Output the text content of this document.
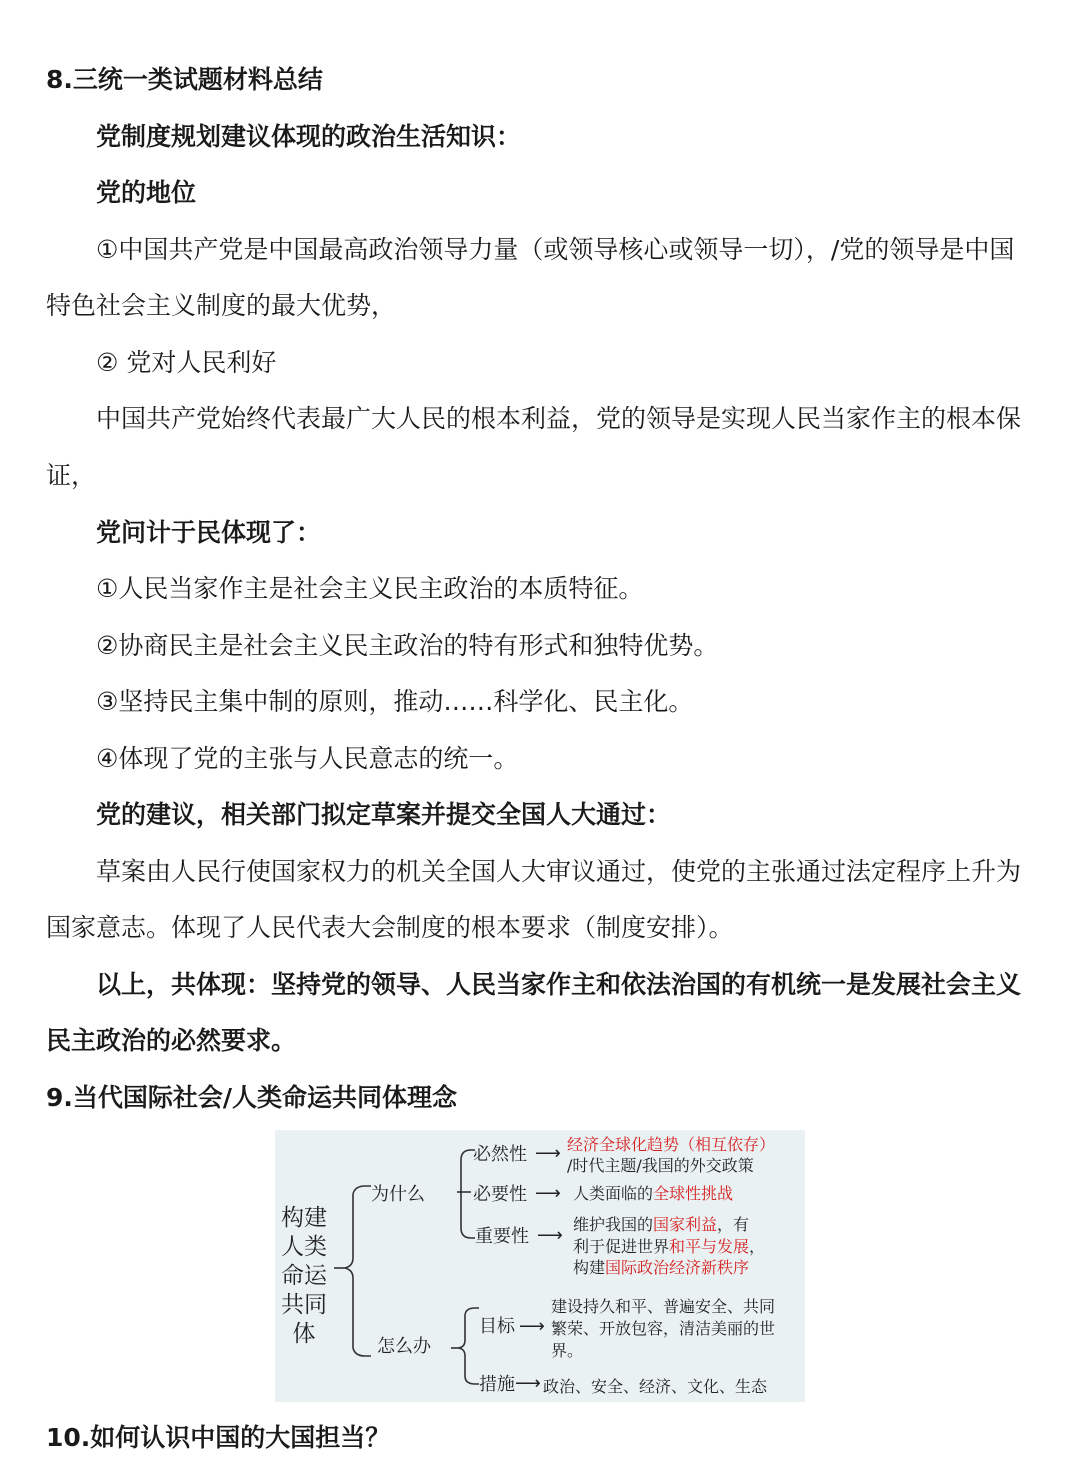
8.三统一类试题材料总结
党制度规划建议体现的政治生活知识：
党的地位
①中国共产党是中国最高政治领导力量（或领导核心或领导一切），/党的领导是中国
特色社会主义制度的最大优势，
② 党对人民利好
中国共产党始终代表最广大人民的根本利益，党的领导是实现人民当家作主的根本保
证，
党问计于民体现了：
①人民当家作主是社会主义民主政治的本质特征。
②协商民主是社会主义民主政治的特有形式和独特优势。
③坚持民主集中制的原则，推动……科学化、民主化。
④体现了党的主张与人民意志的统一。
党的建议，相关部门拟定草案并提交全国人大通过：
草案由人民行使国家权力的机关全国人大审议通过，使党的主张通过法定程序上升为
国家意志。体现了人民代表大会制度的根本要求（制度安排）。
以上，共体现：坚持党的领导、人民当家作主和依法治国的有机统一是发展社会主义
民主政治的必然要求。
9.当代国际社会/人类命运共同体理念
构建
人类
命运
共同
体
为什么
怎么办
必然性 ⟶ 经济全球化趋势（相互依存）
/时代主题/我国的外交政策
必要性 ⟶ 人类面临的全球性挑战
重要性 ⟶
维护我国的国家利益，有
利于促进世界和平与发展，
构建国际政治经济新秩序
目标 ⟶
建设持久和平、普遍安全、共同
繁荣、开放包容，清洁美丽的世
界。
措施 ⟶ 政治、安全、经济、文化、生态
10.如何认识中国的大国担当？
